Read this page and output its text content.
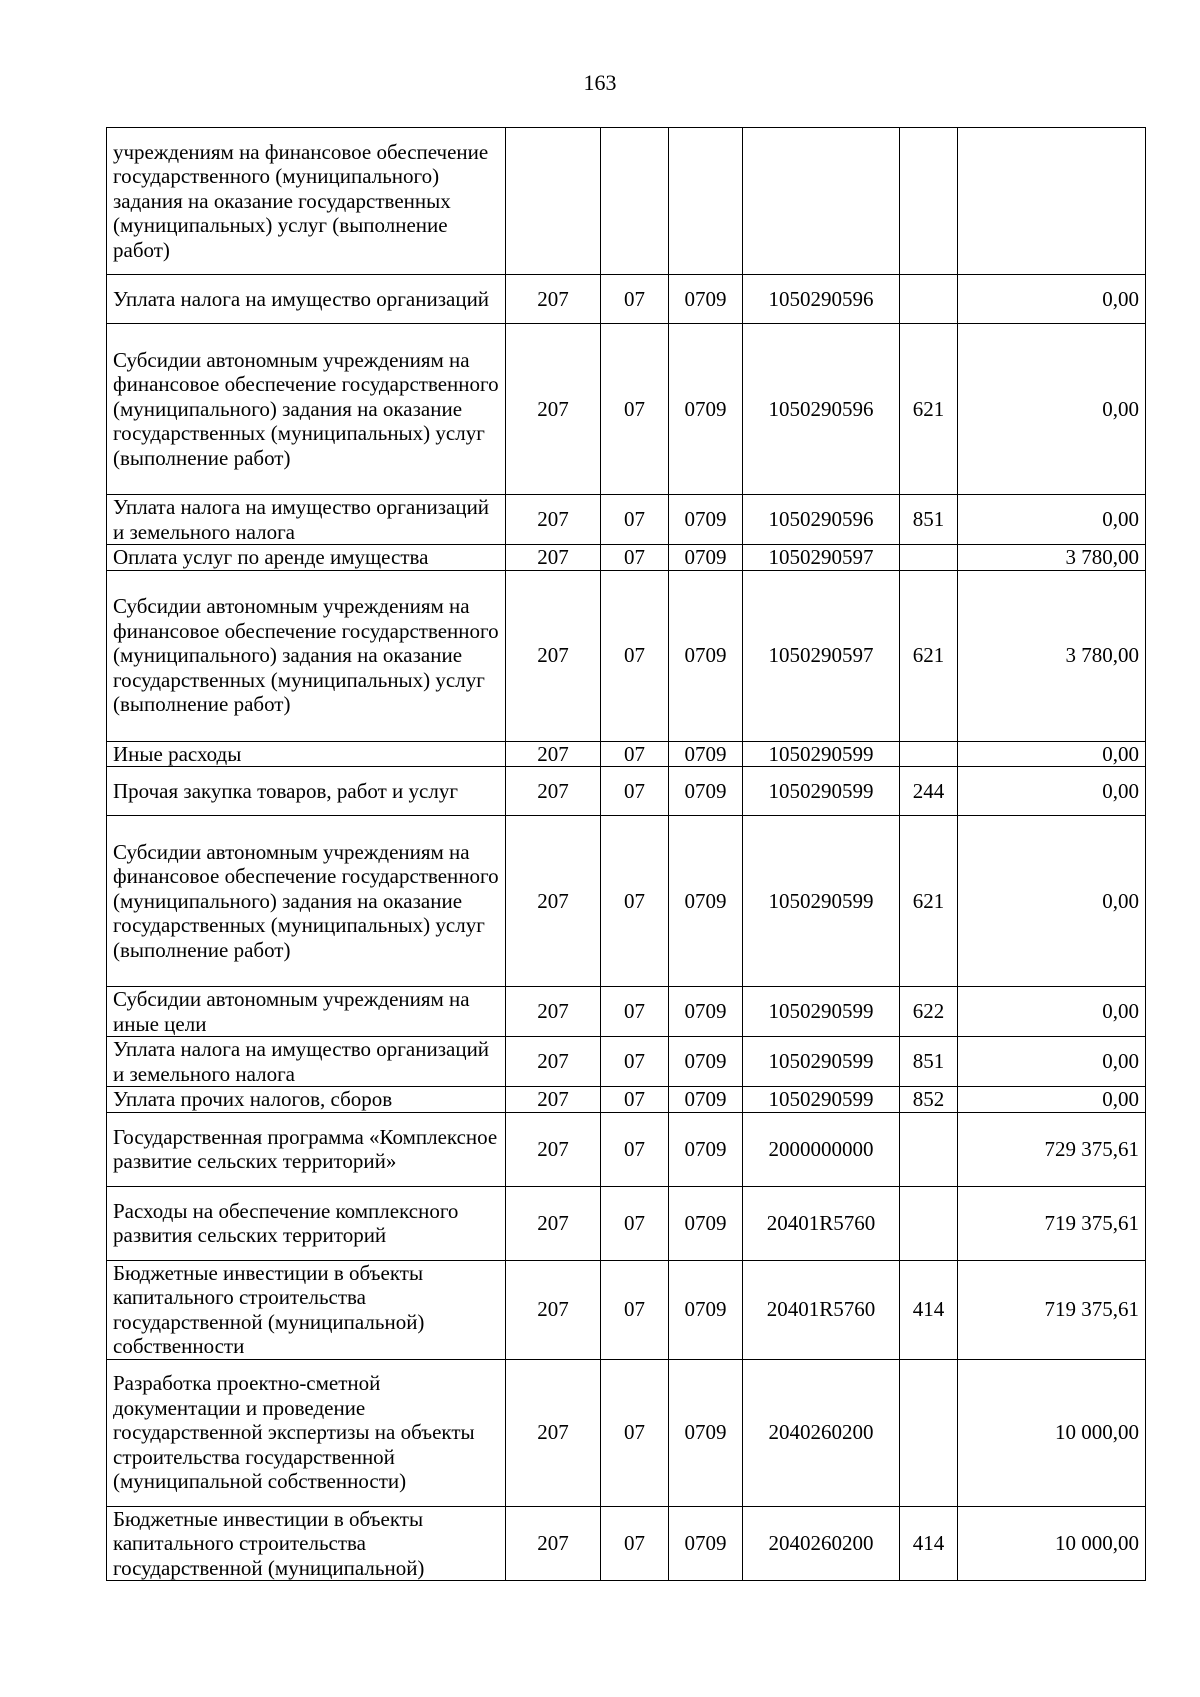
163
учреждениям на финансовое обеспечение государственного (муниципального) задания на оказание государственных (муниципальных) услуг (выполнение работ)						
Уплата налога на имущество организаций	207	07	0709	1050290596		0,00
Субсидии автономным учреждениям на финансовое обеспечение государственного (муниципального) задания на оказание государственных (муниципальных) услуг (выполнение работ)	207	07	0709	1050290596	621	0,00
Уплата налога на имущество организаций и земельного налога	207	07	0709	1050290596	851	0,00
Оплата услуг по аренде имущества	207	07	0709	1050290597		3 780,00
Субсидии автономным учреждениям на финансовое обеспечение государственного (муниципального) задания на оказание государственных (муниципальных) услуг (выполнение работ)	207	07	0709	1050290597	621	3 780,00
Иные расходы	207	07	0709	1050290599		0,00
Прочая закупка товаров, работ и услуг	207	07	0709	1050290599	244	0,00
Субсидии автономным учреждениям на финансовое обеспечение государственного (муниципального) задания на оказание государственных (муниципальных) услуг (выполнение работ)	207	07	0709	1050290599	621	0,00
Субсидии автономным учреждениям на иные цели	207	07	0709	1050290599	622	0,00
Уплата налога на имущество организаций и земельного налога	207	07	0709	1050290599	851	0,00
Уплата прочих налогов, сборов	207	07	0709	1050290599	852	0,00
Государственная программа «Комплексное развитие сельских территорий»	207	07	0709	2000000000		729 375,61
Расходы на обеспечение комплексного развития сельских территорий	207	07	0709	20401R5760		719 375,61
Бюджетные инвестиции в объекты капитального строительства государственной (муниципальной) собственности	207	07	0709	20401R5760	414	719 375,61
Разработка проектно-сметной документации и проведение государственной экспертизы на объекты строительства государственной (муниципальной собственности)	207	07	0709	2040260200		10 000,00
Бюджетные инвестиции в объекты капитального строительства государственной (муниципальной)	207	07	0709	2040260200	414	10 000,00
